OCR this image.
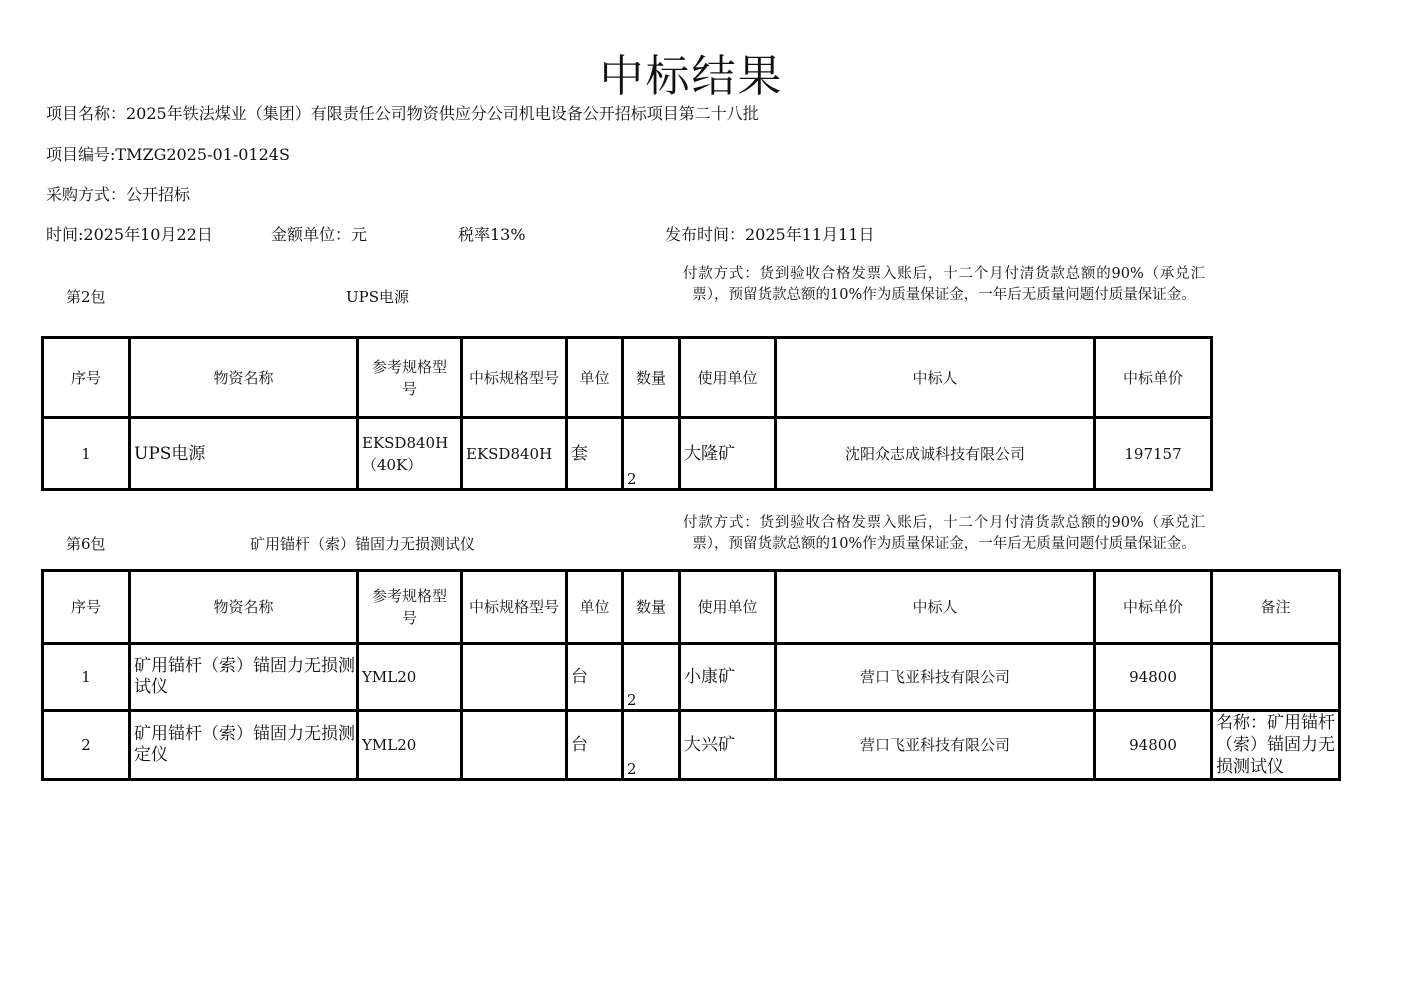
中标结果
项目名称：2025年铁法煤业（集团）有限责任公司物资供应分公司机电设备公开招标项目第二十八批
项目编号:TMZG2025-01-0124S
采购方式：公开招标
时间:2025年10月22日	金额单位：元	税率13%	发布时间：2025年11月11日
第2包	UPS电源
付款方式：货到验收合格发票入账后，十二个月付清货款总额的90%（承兑汇票），预留货款总额的10%作为质量保证金，一年后无质量问题付质量保证金。
序号	物资名称	参考规格型号	中标规格型号	单位	数量	使用单位	中标人	中标单价
1	UPS电源	EKSD840H（40K）	EKSD840H	套	2	大隆矿	沈阳众志成诚科技有限公司	197157
第6包	矿用锚杆（索）锚固力无损测试仪
付款方式：货到验收合格发票入账后，十二个月付清货款总额的90%（承兑汇票），预留货款总额的10%作为质量保证金，一年后无质量问题付质量保证金。
序号	物资名称	参考规格型号	中标规格型号	单位	数量	使用单位	中标人	中标单价	备注
1	矿用锚杆（索）锚固力无损测试仪	YML20		台	2	小康矿	营口飞亚科技有限公司	94800	
2	矿用锚杆（索）锚固力无损测定仪	YML20		台	2	大兴矿	营口飞亚科技有限公司	94800	名称：矿用锚杆（索）锚固力无损测试仪
